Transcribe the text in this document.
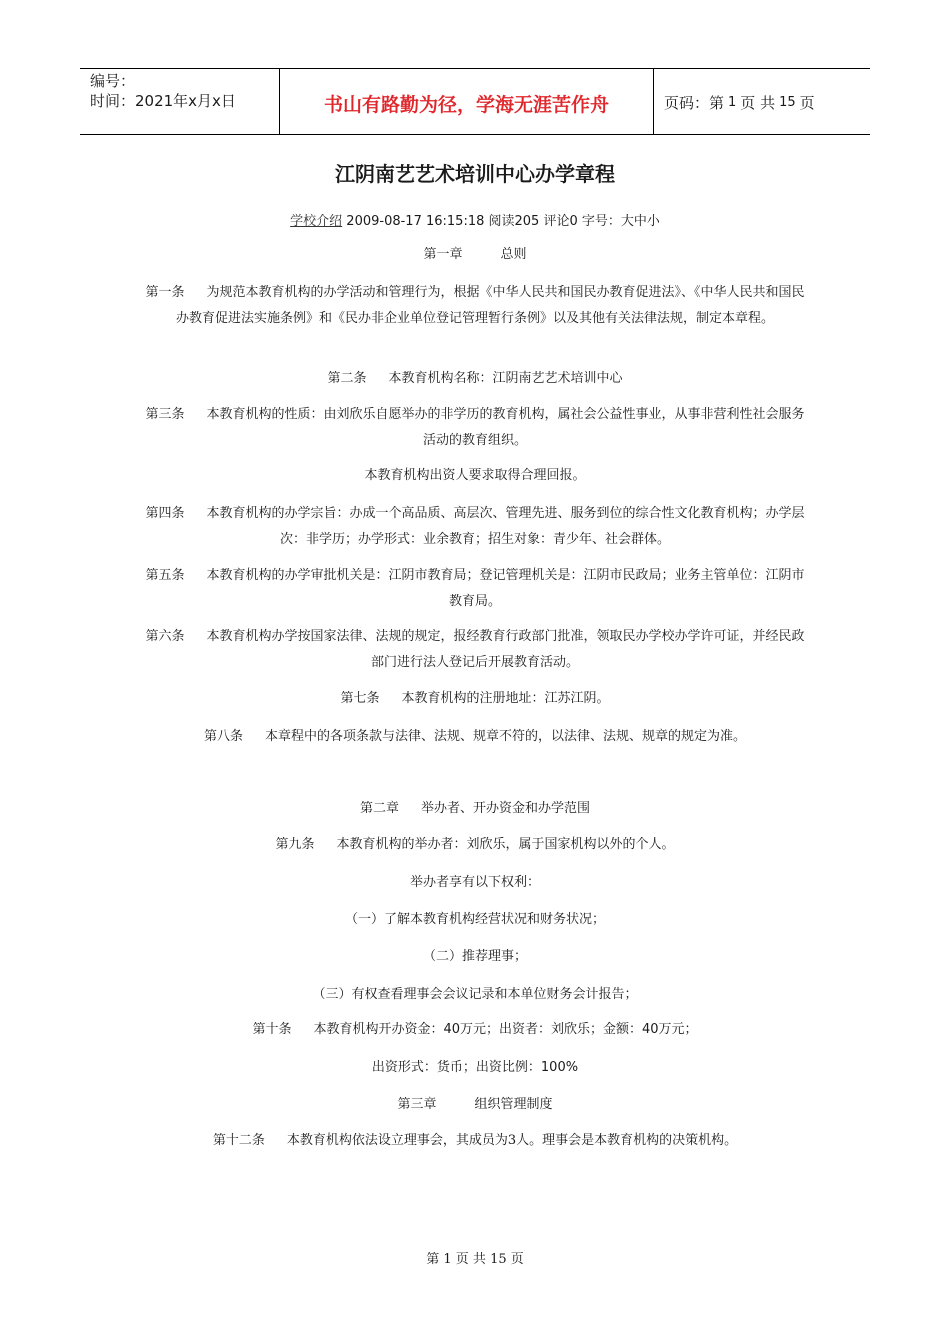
编号：
时间：2021年x月x日	书山有路勤为径，学海无涯苦作舟	页码：第 1 页 共 15 页
江阴南艺艺术培训中心办学章程
学校介绍 2009-08-17 16:15:18 阅读205 评论0 字号：大中小
第一章	总则
第一条 为规范本教育机构的办学活动和管理行为，根据《中华人民共和国民办教育促进法》、《中华人民共和国民办教育促进法实施条例》和《民办非企业单位登记管理暂行条例》以及其他有关法律法规，制定本章程。
第二条 本教育机构名称：江阴南艺艺术培训中心
第三条 本教育机构的性质：由刘欣乐自愿举办的非学历的教育机构，属社会公益性事业，从事非营利性社会服务活动的教育组织。
本教育机构出资人要求取得合理回报。
第四条 本教育机构的办学宗旨：办成一个高品质、高层次、管理先进、服务到位的综合性文化教育机构；办学层次：非学历；办学形式：业余教育；招生对象：青少年、社会群体。
第五条 本教育机构的办学审批机关是：江阴市教育局；登记管理机关是：江阴市民政局；业务主管单位：江阴市教育局。
第六条 本教育机构办学按国家法律、法规的规定，报经教育行政部门批准，领取民办学校办学许可证，并经民政部门进行法人登记后开展教育活动。
第七条 本教育机构的注册地址：江苏江阴。
第八条 本章程中的各项条款与法律、法规、规章不符的，以法律、法规、规章的规定为准。
第二章 举办者、开办资金和办学范围
第九条 本教育机构的举办者：刘欣乐，属于国家机构以外的个人。
举办者享有以下权利：
（一）了解本教育机构经营状况和财务状况；
（二）推荐理事；
（三）有权查看理事会会议记录和本单位财务会计报告；
第十条 本教育机构开办资金：40万元；出资者：刘欣乐；金额：40万元；
出资形式：货币；出资比例：100%
第三章	组织管理制度
第十二条 本教育机构依法设立理事会，其成员为3人。理事会是本教育机构的决策机构。
第 1 页 共 15 页
